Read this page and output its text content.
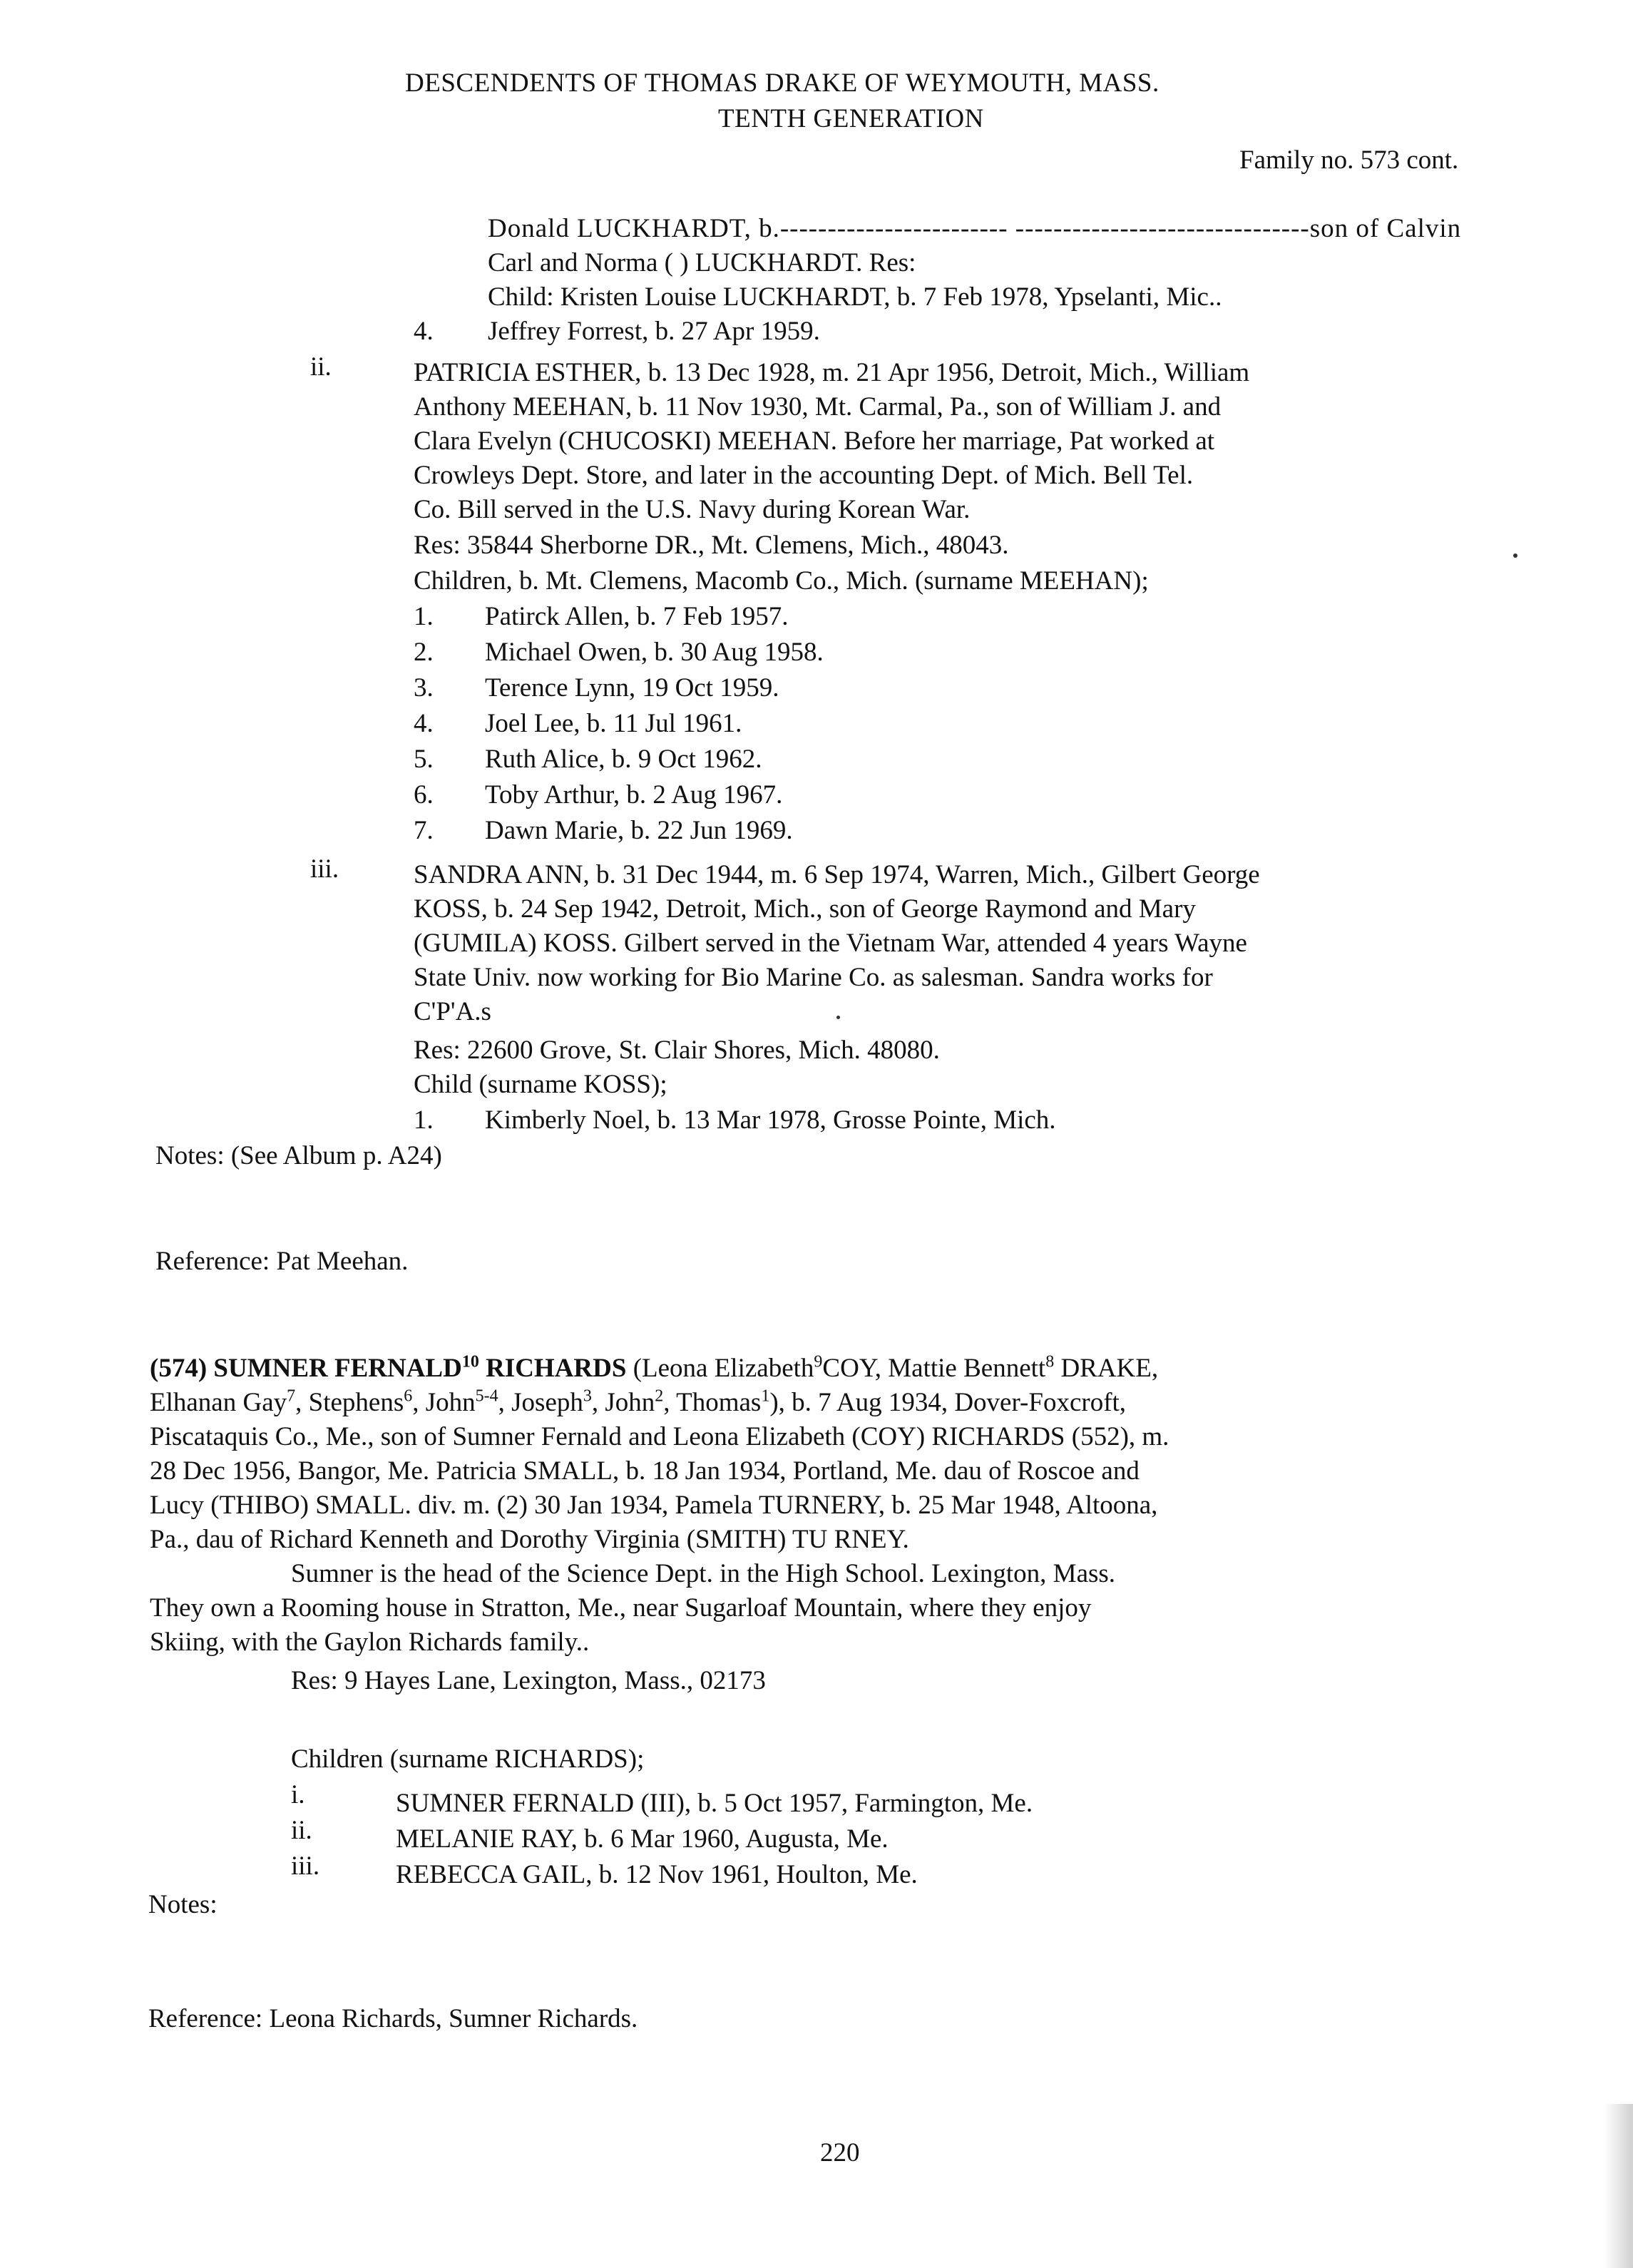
DESCENDENTS OF THOMAS DRAKE OF WEYMOUTH, MASS.
TENTH GENERATION
Family no. 573 cont.
Donald LUCKHARDT, b.------------------------ -------------------------------son of Calvin
Carl and Norma ( ) LUCKHARDT. Res:
Child: Kristen Louise LUCKHARDT, b. 7 Feb 1978, Ypselanti, Mic..
4. Jeffrey Forrest, b. 27 Apr 1959.
ii.	PATRICIA ESTHER, b. 13 Dec 1928, m. 21 Apr 1956, Detroit, Mich., William
Anthony MEEHAN, b. 11 Nov 1930, Mt. Carmal, Pa., son of William J. and
Clara Evelyn (CHUCOSKI) MEEHAN. Before her marriage, Pat worked at
Crowleys Dept. Store, and later in the accounting Dept. of Mich. Bell Tel.
Co. Bill served in the U.S. Navy during Korean War.
Res: 35844 Sherborne DR., Mt. Clemens, Mich., 48043.
Children, b. Mt. Clemens, Macomb Co., Mich. (surname MEEHAN);
1. Patirck Allen, b. 7 Feb 1957.
2. Michael Owen, b. 30 Aug 1958.
3. Terence Lynn, 19 Oct 1959.
4. Joel Lee, b. 11 Jul 1961.
5. Ruth Alice, b. 9 Oct 1962.
6. Toby Arthur, b. 2 Aug 1967.
7. Dawn Marie, b. 22 Jun 1969.
iii.	SANDRA ANN, b. 31 Dec 1944, m. 6 Sep 1974, Warren, Mich., Gilbert George
KOSS, b. 24 Sep 1942, Detroit, Mich., son of George Raymond and Mary
(GUMILA) KOSS. Gilbert served in the Vietnam War, attended 4 years Wayne
State Univ. now working for Bio Marine Co. as salesman. Sandra works for
C'P'A.s
Res: 22600 Grove, St. Clair Shores, Mich. 48080.
Child (surname KOSS);
1. Kimberly Noel, b. 13 Mar 1978, Grosse Pointe, Mich.
Notes: (See Album p. A24)
Reference: Pat Meehan.
(574) SUMNER FERNALD$^{10}$ RICHARDS (Leona Elizabeth$^9$COY, Mattie Bennett$^8$ DRAKE,
Elhanan Gay$^7$, Stephens$^6$, John$^{5-4}$, Joseph$^3$, John$^2$, Thomas$^1$), b. 7 Aug 1934, Dover-Foxcroft,
Piscataquis Co., Me., son of Sumner Fernald and Leona Elizabeth (COY) RICHARDS (552), m.
28 Dec 1956, Bangor, Me. Patricia SMALL, b. 18 Jan 1934, Portland, Me. dau of Roscoe and
Lucy (THIBO) SMALL. div. m. (2) 30 Jan 1934, Pamela TURNERY, b. 25 Mar 1948, Altoona,
Pa., dau of Richard Kenneth and Dorothy Virginia (SMITH) TU RNEY.
Sumner is the head of the Science Dept. in the High School. Lexington, Mass.
They own a Rooming house in Stratton, Me., near Sugarloaf Mountain, where they enjoy
Skiing, with the Gaylon Richards family..
Res: 9 Hayes Lane, Lexington, Mass., 02173
Children (surname RICHARDS);
i.	SUMNER FERNALD (III), b. 5 Oct 1957, Farmington, Me.
ii.	MELANIE RAY, b. 6 Mar 1960, Augusta, Me.
iii.	REBECCA GAIL, b. 12 Nov 1961, Houlton, Me.
Notes:
Reference: Leona Richards, Sumner Richards.
220
